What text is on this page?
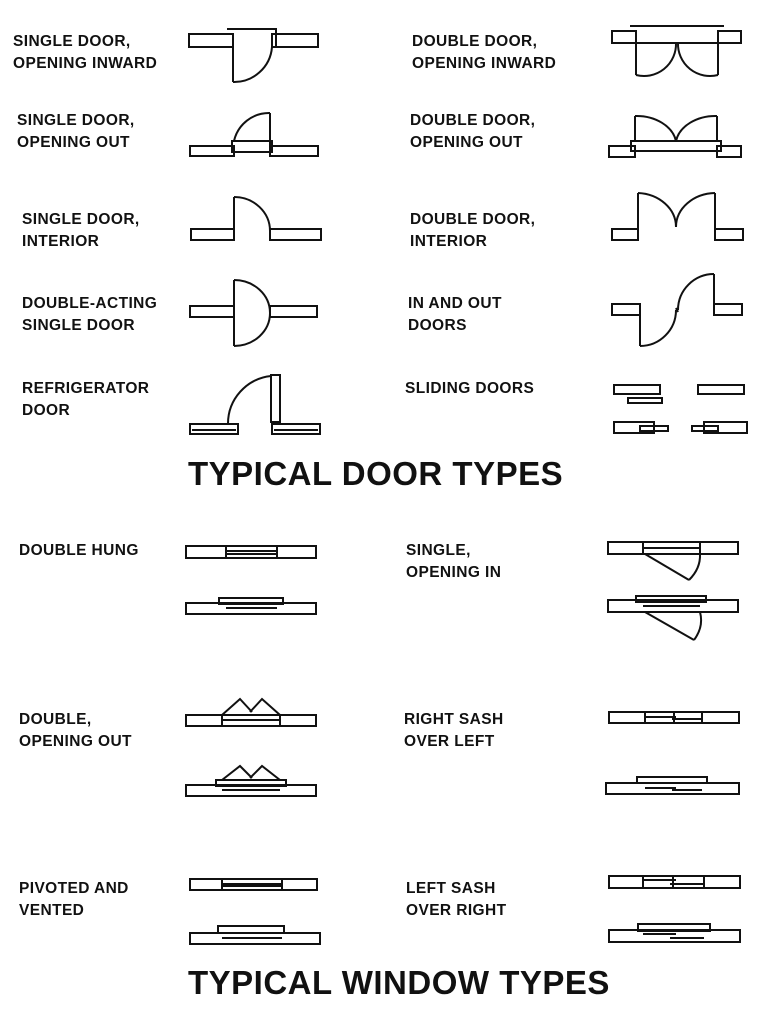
SINGLE DOOR,
OPENING INWARD
DOUBLE DOOR,
OPENING INWARD
SINGLE DOOR,
OPENING OUT
DOUBLE DOOR,
OPENING OUT
SINGLE DOOR,
INTERIOR
DOUBLE DOOR,
INTERIOR
DOUBLE-ACTING
SINGLE DOOR
IN AND OUT
DOORS
REFRIGERATOR
DOOR
SLIDING DOORS
TYPICAL DOOR TYPES
DOUBLE HUNG	SINGLE,
OPENING IN
DOUBLE,
OPENING OUT
RIGHT SASH
OVER LEFT
PIVOTED AND
VENTED
LEFT SASH
OVER RIGHT
TYPICAL WINDOW TYPES
